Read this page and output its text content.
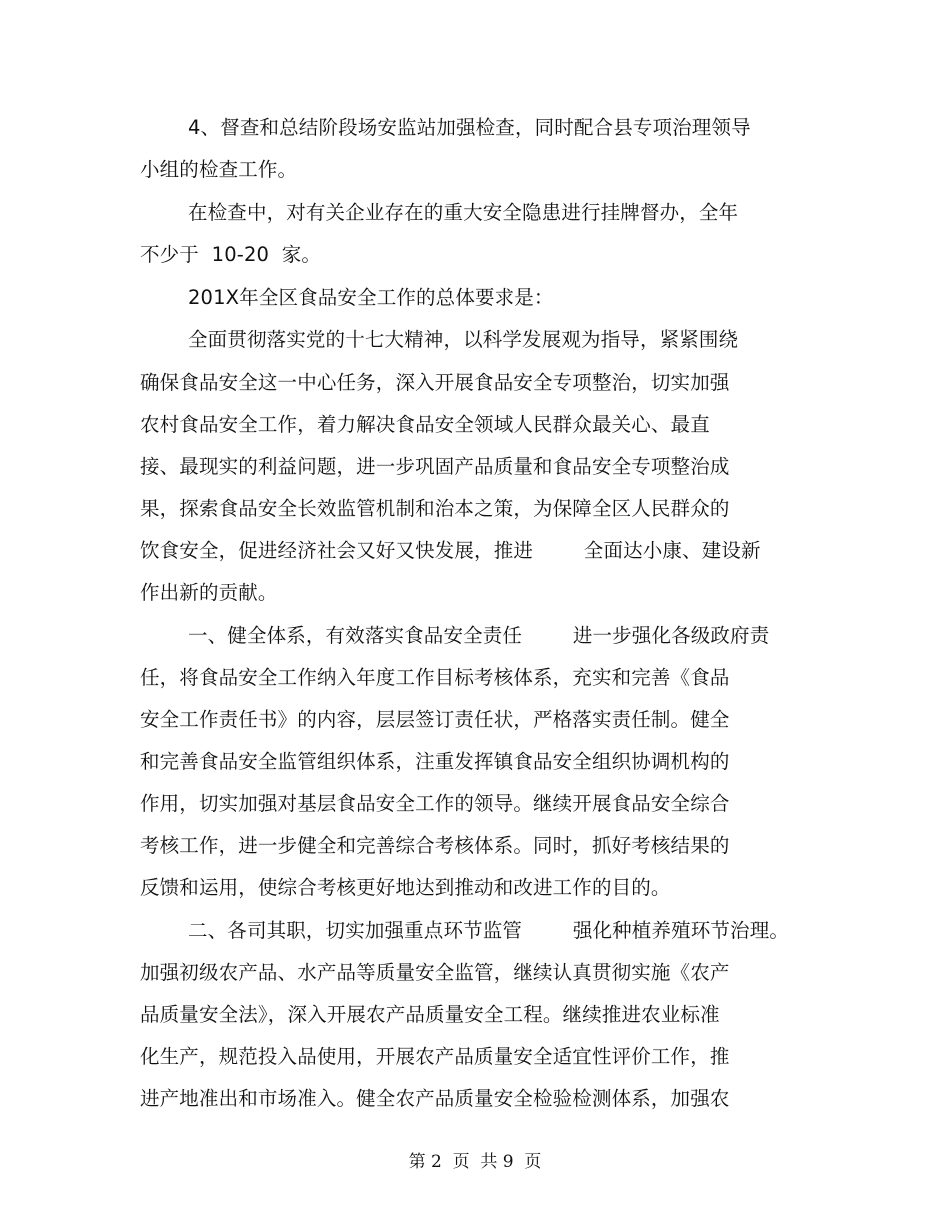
4、督查和总结阶段场安监站加强检查，同时配合县专项治理领导
小组的检查工作。
在检查中，对有关企业存在的重大安全隐患进行挂牌督办，全年
不少于  10-20  家。
201X年全区食品安全工作的总体要求是：
全面贯彻落实党的十七大精神，以科学发展观为指导，紧紧围绕
确保食品安全这一中心任务，深入开展食品安全专项整治，切实加强
农村食品安全工作，着力解决食品安全领域人民群众最关心、最直
接、最现实的利益问题，进一步巩固产品质量和食品安全专项整治成
果，探索食品安全长效监管机制和治本之策，为保障全区人民群众的
饮食安全，促进经济社会又好又快发展，推进        全面达小康、建设新
作出新的贡献。
一、健全体系，有效落实食品安全责任        进一步强化各级政府责
任，将食品安全工作纳入年度工作目标考核体系，充实和完善《食品
安全工作责任书》的内容，层层签订责任状，严格落实责任制。健全
和完善食品安全监管组织体系，注重发挥镇食品安全组织协调机构的
作用，切实加强对基层食品安全工作的领导。继续开展食品安全综合
考核工作，进一步健全和完善综合考核体系。同时，抓好考核结果的
反馈和运用，使综合考核更好地达到推动和改进工作的目的。
二、各司其职，切实加强重点环节监管        强化种植养殖环节治理。
加强初级农产品、水产品等质量安全监管，继续认真贯彻实施《农产
品质量安全法》，深入开展农产品质量安全工程。继续推进农业标准
化生产，规范投入品使用，开展农产品质量安全适宜性评价工作，推
进产地准出和市场准入。健全农产品质量安全检验检测体系，加强农
第 2  页  共 9  页
